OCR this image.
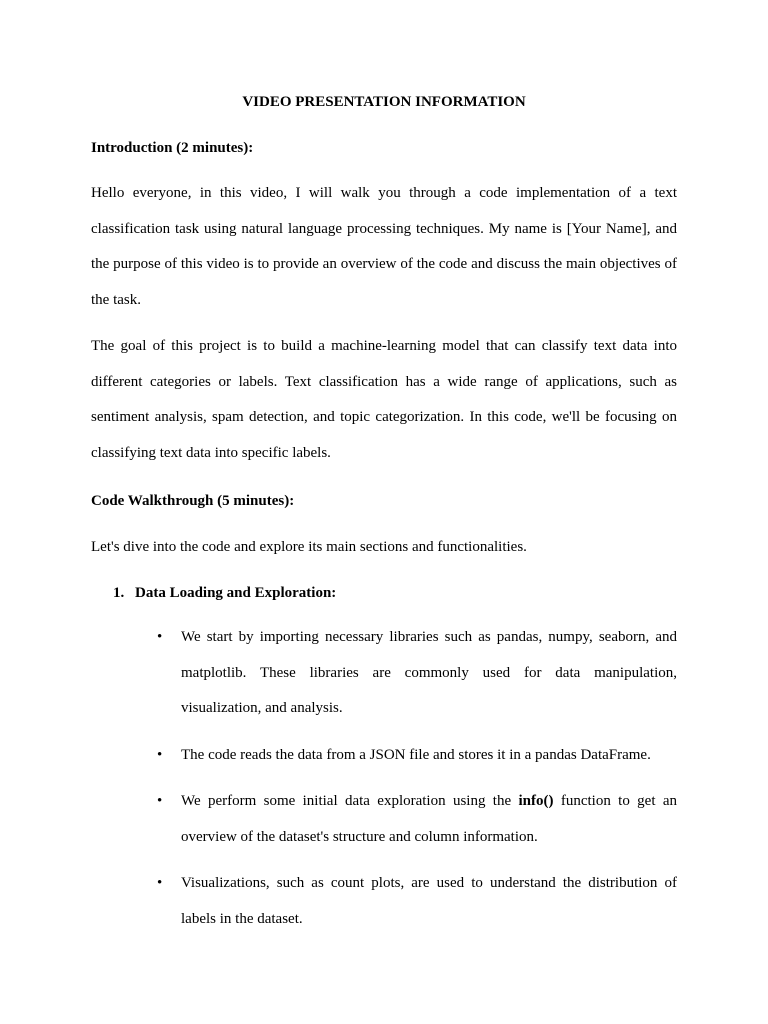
VIDEO PRESENTATION INFORMATION
Introduction (2 minutes):
Hello everyone, in this video, I will walk you through a code implementation of a text
classification task using natural language processing techniques. My name is [Your Name], and
the purpose of this video is to provide an overview of the code and discuss the main objectives of
the task.
The goal of this project is to build a machine-learning model that can classify text data into
different categories or labels. Text classification has a wide range of applications, such as
sentiment analysis, spam detection, and topic categorization. In this code, we'll be focusing on
classifying text data into specific labels.
Code Walkthrough (5 minutes):
Let's dive into the code and explore its main sections and functionalities.
1. Data Loading and Exploration:
•	We start by importing necessary libraries such as pandas, numpy, seaborn, and
matplotlib. These libraries are commonly used for data manipulation,
visualization, and analysis.
•	The code reads the data from a JSON file and stores it in a pandas DataFrame.
•	We perform some initial data exploration using the info() function to get an
overview of the dataset's structure and column information.
•	Visualizations, such as count plots, are used to understand the distribution of
labels in the dataset.
